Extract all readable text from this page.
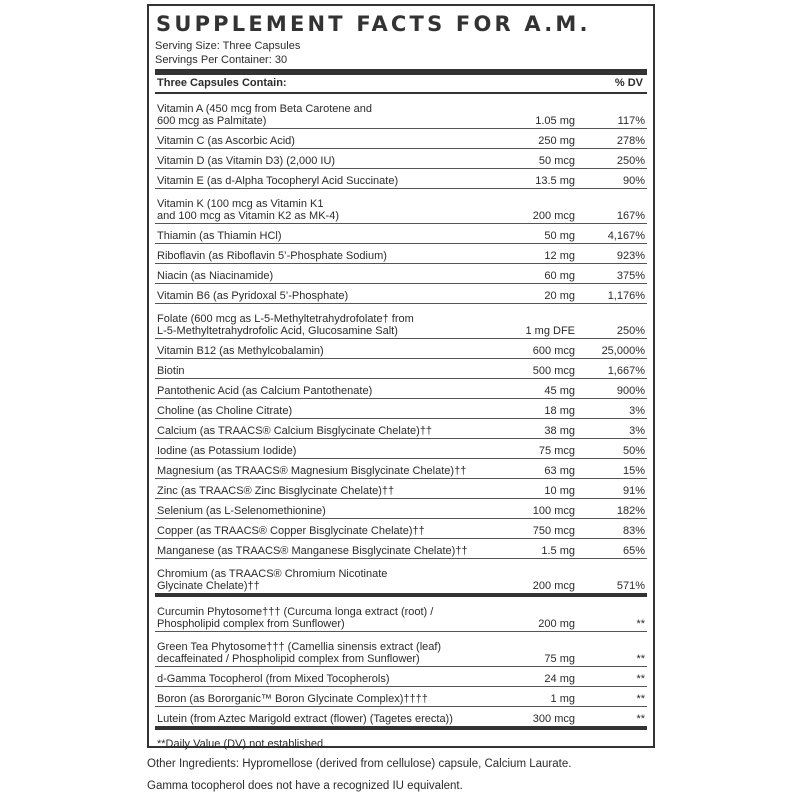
SUPPLEMENT FACTS FOR A.M.
Serving Size: Three Capsules
Servings Per Container: 30
Three Capsules Contain:	% DV
Vitamin A (450 mcg from Beta Carotene and
600 mcg as Palmitate)	1.05 mg	117%
Vitamin C (as Ascorbic Acid)	250 mg	278%
Vitamin D (as Vitamin D3) (2,000 IU)	50 mcg	250%
Vitamin E (as d-Alpha Tocopheryl Acid Succinate)	13.5 mg	90%
Vitamin K (100 mcg as Vitamin K1
and 100 mcg as Vitamin K2 as MK-4)	200 mcg	167%
Thiamin (as Thiamin HCl)	50 mg	4,167%
Riboflavin (as Riboflavin 5’-Phosphate Sodium)	12 mg	923%
Niacin (as Niacinamide)	60 mg	375%
Vitamin B6 (as Pyridoxal 5’-Phosphate)	20 mg	1,176%
Folate (600 mcg as L-5-Methyltetrahydrofolate† from
L-5-Methyltetrahydrofolic Acid, Glucosamine Salt)	1 mg DFE	250%
Vitamin B12 (as Methylcobalamin)	600 mcg	25,000%
Biotin	500 mcg	1,667%
Pantothenic Acid (as Calcium Pantothenate)	45 mg	900%
Choline (as Choline Citrate)	18 mg	3%
Calcium (as TRAACS® Calcium Bisglycinate Chelate)††	38 mg	3%
Iodine (as Potassium Iodide)	75 mcg	50%
Magnesium (as TRAACS® Magnesium Bisglycinate Chelate)††	63 mg	15%
Zinc (as TRAACS® Zinc Bisglycinate Chelate)††	10 mg	91%
Selenium (as L-Selenomethionine)	100 mcg	182%
Copper (as TRAACS® Copper Bisglycinate Chelate)††	750 mcg	83%
Manganese (as TRAACS® Manganese Bisglycinate Chelate)††	1.5 mg	65%
Chromium (as TRAACS® Chromium Nicotinate
Glycinate Chelate)††	200 mcg	571%
Curcumin Phytosome††† (Curcuma longa extract (root) /
Phospholipid complex from Sunflower)	200 mg	**
Green Tea Phytosome††† (Camellia sinensis extract (leaf)
decaffeinated / Phospholipid complex from Sunflower)	75 mg	**
d-Gamma Tocopherol (from Mixed Tocopherols)	24 mg	**
Boron (as Bororganic™ Boron Glycinate Complex)††††	1 mg	**
Lutein (from Aztec Marigold extract (flower) (Tagetes erecta))	300 mcg	**
**Daily Value (DV) not established.
Other Ingredients: Hypromellose (derived from cellulose) capsule, Calcium Laurate.
Gamma tocopherol does not have a recognized IU equivalent.
